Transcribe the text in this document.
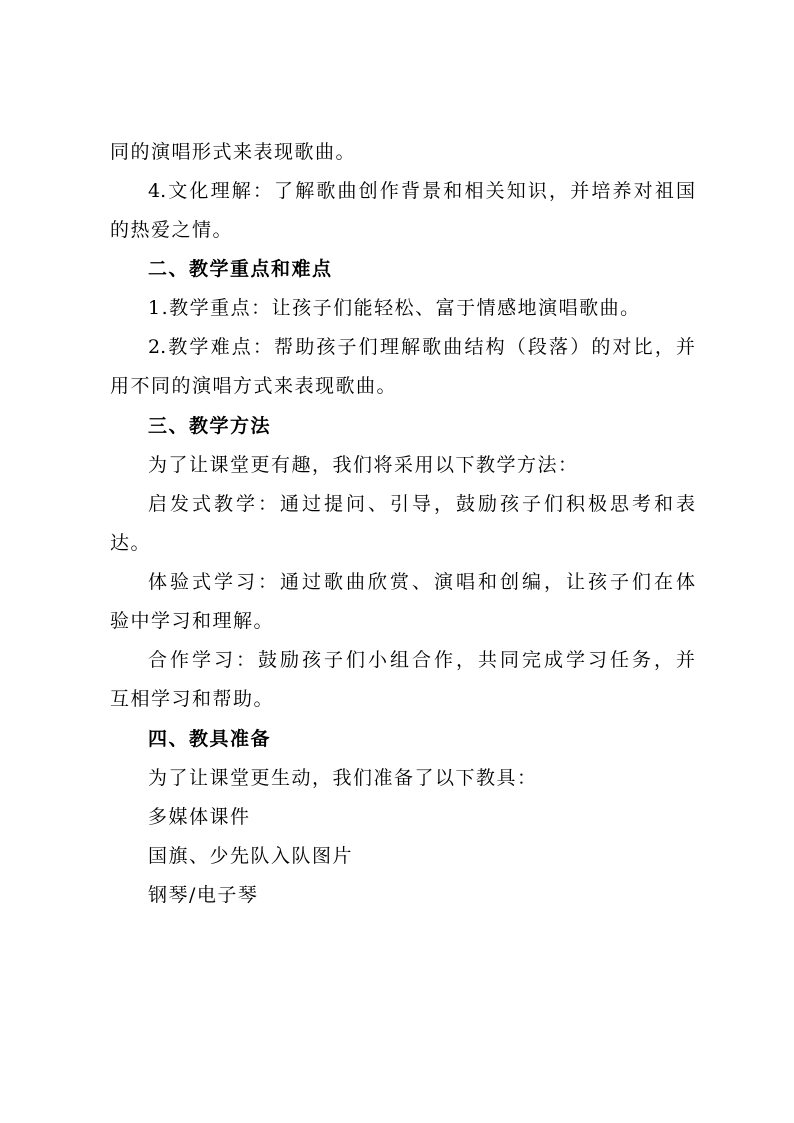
同的演唱形式来表现歌曲。
4.文化理解：了解歌曲创作背景和相关知识，并培养对祖国
的热爱之情。
二、教学重点和难点
1.教学重点：让孩子们能轻松、富于情感地演唱歌曲。
2.教学难点：帮助孩子们理解歌曲结构（段落）的对比，并
用不同的演唱方式来表现歌曲。
三、教学方法
为了让课堂更有趣，我们将采用以下教学方法：
启发式教学：通过提问、引导，鼓励孩子们积极思考和表
达。
体验式学习：通过歌曲欣赏、演唱和创编，让孩子们在体
验中学习和理解。
合作学习：鼓励孩子们小组合作，共同完成学习任务，并
互相学习和帮助。
四、教具准备
为了让课堂更生动，我们准备了以下教具：
多媒体课件
国旗、少先队入队图片
钢琴/电子琴
